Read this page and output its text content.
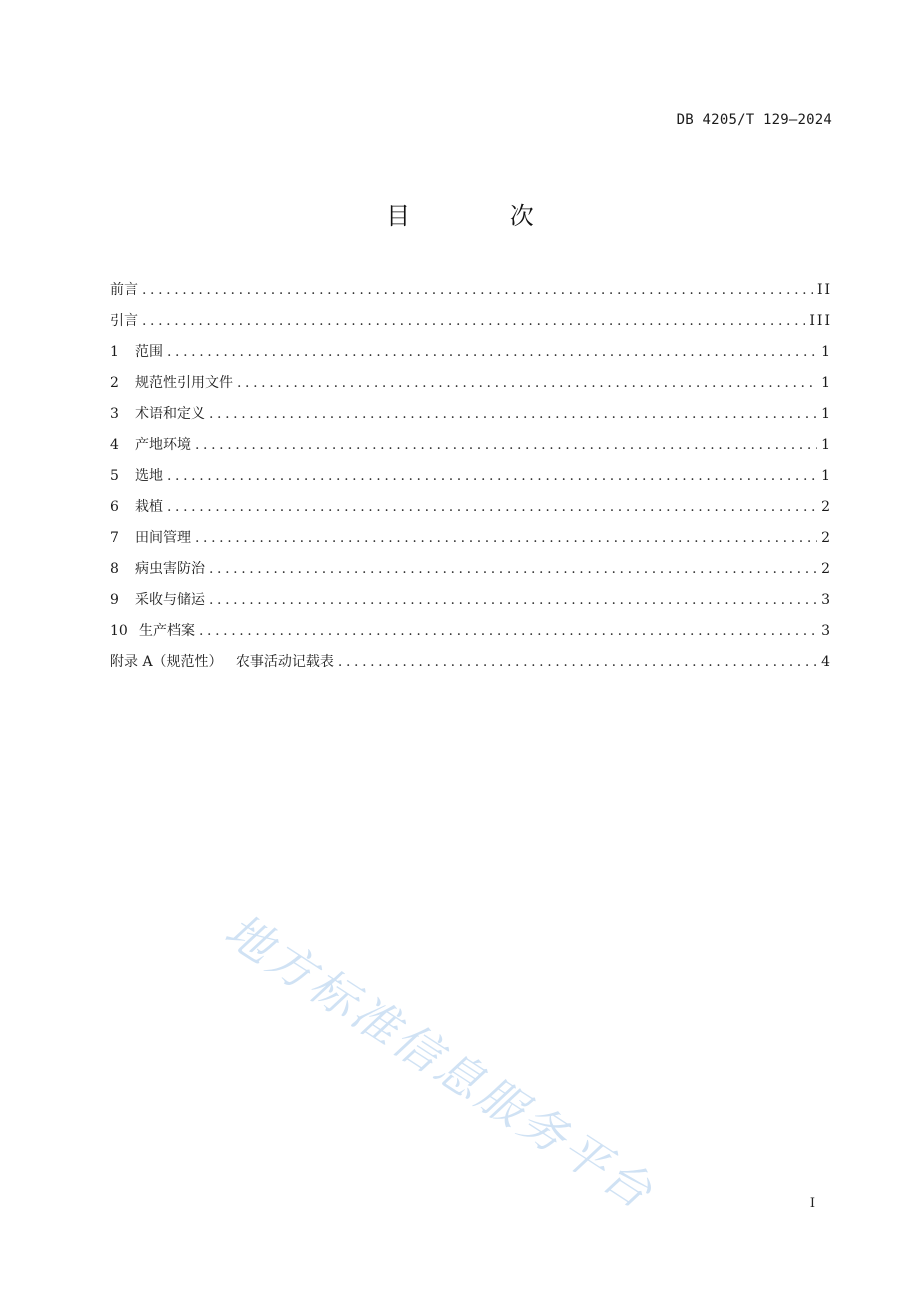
DB 4205/T 129—2024
目 次
前言 .....	II
引言 .....	III
1	范围 .....	1
2	规范性引用文件 .....	1
3	术语和定义 .....	1
4	产地环境 .....	1
5	选地 .....	1
6	栽植 .....	2
7	田间管理 .....	2
8	病虫害防治 .....	2
9	采收与储运 .....	3
10 生产档案 .....	3
附录 A（规范性）   农事活动记载表 .....	4
地方标准信息服务平台	I
